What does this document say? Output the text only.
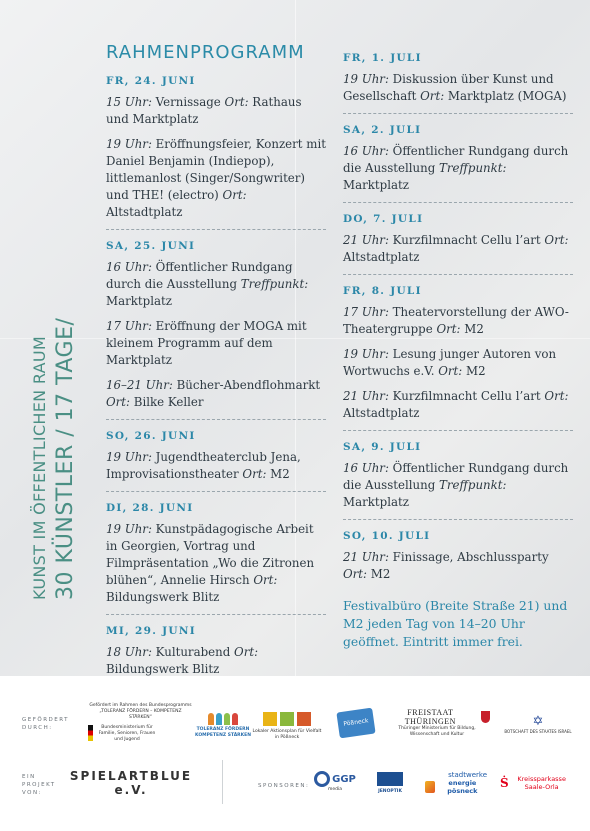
KUNST IM ÖFFENTLICHEN RAUM 30 KÜNSTLER / 17 TAGE/
RAHMENPROGRAMM
FR, 24. JUNI
15 Uhr: Vernissage Ort: Rathaus und Marktplatz
19 Uhr: Eröffnungsfeier, Konzert mit Daniel Benjamin (Indiepop), littlemanlost (Singer/Songwriter) und THE! (electro) Ort: Altstadtplatz
SA, 25. JUNI
16 Uhr: Öffentlicher Rundgang durch die Ausstellung Treffpunkt: Marktplatz
17 Uhr: Eröffnung der MOGA mit kleinem Programm auf dem Marktplatz
16–21 Uhr: Bücher-Abendflohmarkt Ort: Bilke Keller
SO, 26. JUNI
19 Uhr: Jugendtheaterclub Jena, Improvisationstheater Ort: M2
DI, 28. JUNI
19 Uhr: Kunstpädagogische Arbeit in Georgien, Vortrag und Filmpräsentation „Wo die Zitronen blühen“, Annelie Hirsch Ort: Bildungswerk Blitz
MI, 29. JUNI
18 Uhr: Kulturabend Ort: Bildungswerk Blitz
FR, 1. JULI
19 Uhr: Diskussion über Kunst und Gesellschaft Ort: Marktplatz (MOGA)
SA, 2. JULI
16 Uhr: Öffentlicher Rundgang durch die Ausstellung Treffpunkt: Marktplatz
DO, 7. JULI
21 Uhr: Kurzfilmnacht Cellu l’art Ort: Altstadtplatz
FR, 8. JULI
17 Uhr: Theatervorstellung der AWO-Theatergruppe Ort: M2
19 Uhr: Lesung junger Autoren von Wortwuchs e.V. Ort: M2
21 Uhr: Kurzfilmnacht Cellu l’art Ort: Altstadtplatz
SA, 9. JULI
16 Uhr: Öffentlicher Rundgang durch die Ausstellung Treffpunkt: Marktplatz
SO, 10. JULI
21 Uhr: Finissage, Abschlussparty Ort: M2
Festivalbüro (Breite Straße 21) und M2 jeden Tag von 14–20 Uhr geöffnet. Eintritt immer frei.
GEFÖRDERT DURCH:
EIN PROJEKT VON:
SPONSOREN:
Gefördert im Rahmen des Bundesprogramms „TOLERANZ FÖRDERN – KOMPETENZ STÄRKEN“
Bundesministerium für Familie, Senioren, Frauen und Jugend
TOLERANZ FÖRDERN KOMPETENZ STÄRKEN
Lokaler Aktionsplan für Vielfalt in Pößneck
Pößneck
FREISTAAT THÜRINGEN
Thüringer Ministerium für Bildung, Wissenschaft und Kultur
✡
BOTSCHAFT DES STAATES ISRAEL
SPIELARTBLUE e.V.
GGP
media	JENOPTIK
stadtwerke
energie pösneck
Ṡ	Kreissparkasse Saale-Orla
